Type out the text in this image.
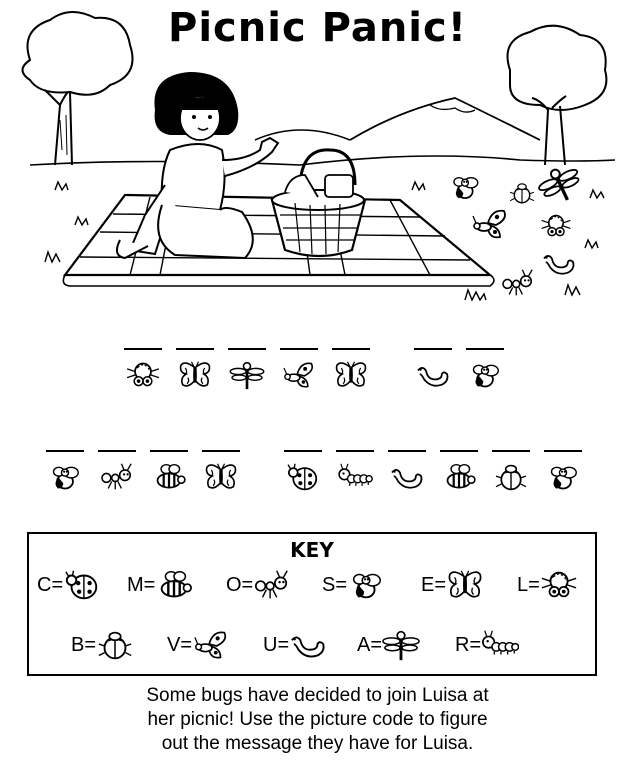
Picnic Panic!
KEY
C=	M=	O=	S=	E=	L=
B=	V=	U=	A=	R=
Some bugs have decided to join Luisa at
her picnic! Use the picture code to figure
out the message they have for Luisa.
